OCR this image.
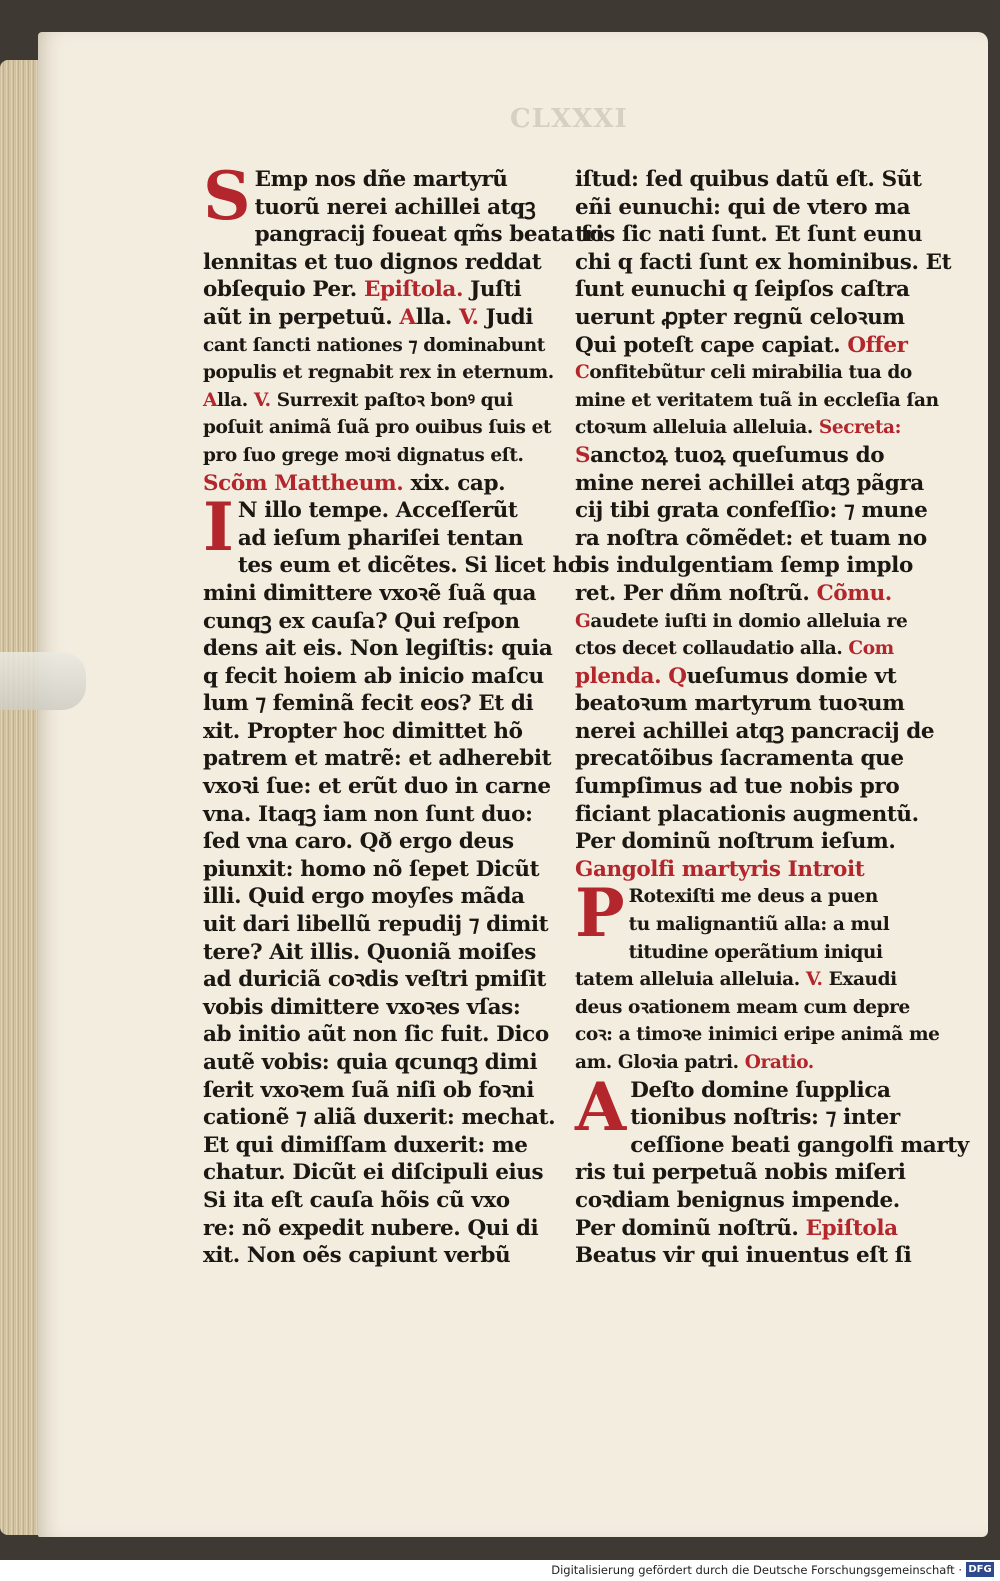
CLXXXI
S Emp nos dñe martyrũ
tuorũ nerei achillei atqꝫ
pangracij foueat qm̃s beata ſo
lennitas et tuo dignos reddat
obſequio Per. Epiſtola. Juſti
aũt in perpetuũ. Alla. V. Judi
cant ſancti nationes ⁊ dominabunt
populis et regnabit rex in eternum.
Alla. V. Surrexit paſtoꝛ bonꝰ qui
poſuit animã ſuã pro ouibus ſuis et
pro ſuo grege moꝛi dignatus eſt.
Scõm Mattheum. xix. cap.
I N illo tempe. Acceſſerũt
ad ieſum phariſei tentan
tes eum et dicẽtes. Si licet ho
mini dimittere vxoꝛẽ ſuã qua
cunqꝫ ex cauſa? Qui reſpon
dens ait eis. Non legiſtis: quia
q fecit hoiem ab inicio maſcu
lum ⁊ feminã fecit eos? Et di
xit. Propter hoc dimittet hõ
patrem et matrẽ: et adherebit
vxoꝛi ſue: et erũt duo in carne
vna. Itaqꝫ iam non ſunt duo:
ſed vna caro. Qð ergo deus
piunxit: homo nõ ſepet Dicũt
illi. Quid ergo moyſes mãda
uit dari libellũ repudij ⁊ dimit
tere? Ait illis. Quoniã moiſes
ad duriciã coꝛdis veſtri pmiſit
vobis dimittere vxoꝛes vſas:
ab initio aũt non ſic fuit. Dico
autẽ vobis: quia qcunqꝫ dimi
ſerit vxoꝛem ſuã niſi ob foꝛni
cationẽ ⁊ aliã duxerit: mechat.
Et qui dimiſſam duxerit: me
chatur. Dicũt ei diſcipuli eius
Si ita eſt cauſa hõis cũ vxo
re: nõ expedit nubere. Qui di
xit. Non oẽs capiunt verbũ
iſtud: ſed quibus datũ eſt. Sũt
eñi eunuchi: qui de vtero ma
tris ſic nati ſunt. Et ſunt eunu
chi q facti ſunt ex hominibus. Et
ſunt eunuchi q ſeipſos caſtra
uerunt ꝓpter regnũ celoꝛum
Qui poteſt cape capiat. Offer
Confitebũtur celi mirabilia tua do
mine et veritatem tuã in eccleſia ſan
ctoꝛum alleluia alleluia. Secreta:
Sanctoꝝ tuoꝝ queſumus do
mine nerei achillei atqꝫ pãgra
cij tibi grata confeſſio: ⁊ mune
ra noſtra cõmẽdet: et tuam no
bis indulgentiam ſemp implo
ret. Per dñm noſtrũ. Cõmu.
Gaudete iuſti in domio alleluia re
ctos decet collaudatio alla. Com
plenda. Queſumus domie vt
beatoꝛum martyrum tuoꝛum
nerei achillei atqꝫ pancracij de
precatõibus ſacramenta que
ſumpſimus ad tue nobis pro
ficiant placationis augmentũ.
Per dominũ noſtrum ieſum.
Gangolfi martyris Introit
P Rotexiſti me deus a puen
tu malignantiũ alla: a mul
titudine operãtium iniqui
tatem alleluia alleluia. V. Exaudi
deus oꝛationem meam cum depre
coꝛ: a timoꝛe inimici eripe animã me
am. Gloꝛia patri. Oratio.
A Deſto domine ſupplica
tionibus noſtris: ⁊ inter
ceſſione beati gangolfi marty
ris tui perpetuã nobis miſeri
coꝛdiam benignus impende.
Per dominũ noſtrũ. Epiſtola
Beatus vir qui inuentus eſt ſi
Digitalisierung gefördert durch die Deutsche Forschungsgemeinschaft · DFG
